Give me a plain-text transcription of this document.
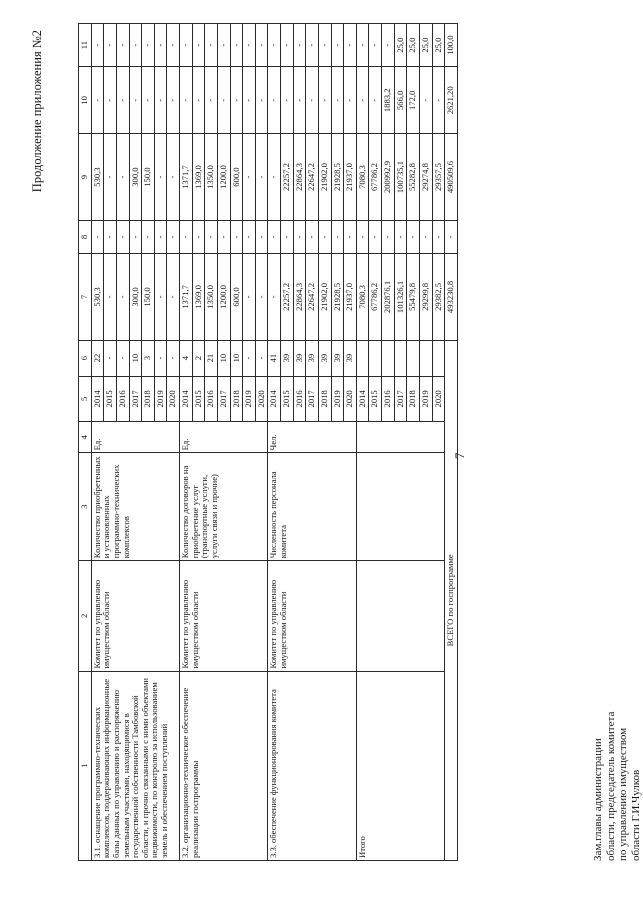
7
Продолжение приложения №2
1	2	3	4	5	6	7	8	9	10	11
3.1. оснащение программно-технических комплексов, поддерживающих информационные базы данных по управлению и распоряжению земельным участками, находящимися в государственной собственности Тамбовской области, и прочно связанными с ними объектами недвижимости, по контролю за использованием земель и обеспечением поступлений	Комитет по управлению имуществом области	Количество приобретенных и установленных программно-технических комплексов	Ед.	2014	22	530,3	-	530,3	-	-
				2015	-	-	-	-	-	-
				2016	-	-	-	-	-	-
				2017	10	300,0	-	300,0	-	-
				2018	3	150,0	-	150,0	-	-
				2019	-	-	-	-	-	-
				2020	-	-	-	-	-	-
3.2. организационно-техническое обеспечение реализации госпрограммы	Комитет по управлению имуществом области	Количество договоров на приобретение услуг (транспортные услуги, услуги связи и прочие)	Ед.	2014	4	1371,7	-	1371,7	-	-
				2015	2	1369,0	-	1369,0	-	-
				2016	21	1350,0	-	1350,0	-	-
				2017	10	1200,0	-	1200,0	-	-
				2018	10	600,0	-	600,0	-	-
				2019	-	-	-	-	-	-
				2020	-	-	-	-	-	-
3.3. обеспечение функционирования комитета	Комитет по управлению имуществом области	Численность персонала комитета	Чел.	2014	41	-	-	-	-	-
				2015	39	22257,2	-	22257,2	-	-
				2016	39	22864,3	-	22864,3	-	-
				2017	39	22647,2	-	22647,2	-	-
				2018	39	21902,0	-	21902,0	-	-
				2019	39	21928,5	-	21928,5	-	-
				2020	39	21937,0	-	21937,0	-	-
Итого				2014		7080,3	-	7080,3	-	-
				2015		67786,2	-	67786,2	-	-
				2016		202876,1	-	200992,9	1883,2	-
				2017		101326,1	-	100735,1	566,0	25,0
				2018		55479,8	-	55282,8	172,0	25,0
				2019		29299,8	-	29274,8	-	25,0
				2020		29382,5	-	29357,5	-	25,0
ВСЕГО по госпрограмме						493230,8	-	490509,6	2621,20	100,0
Зам.главы администрации области, председатель комитета по управлению имуществом области Г.И.Чулков
